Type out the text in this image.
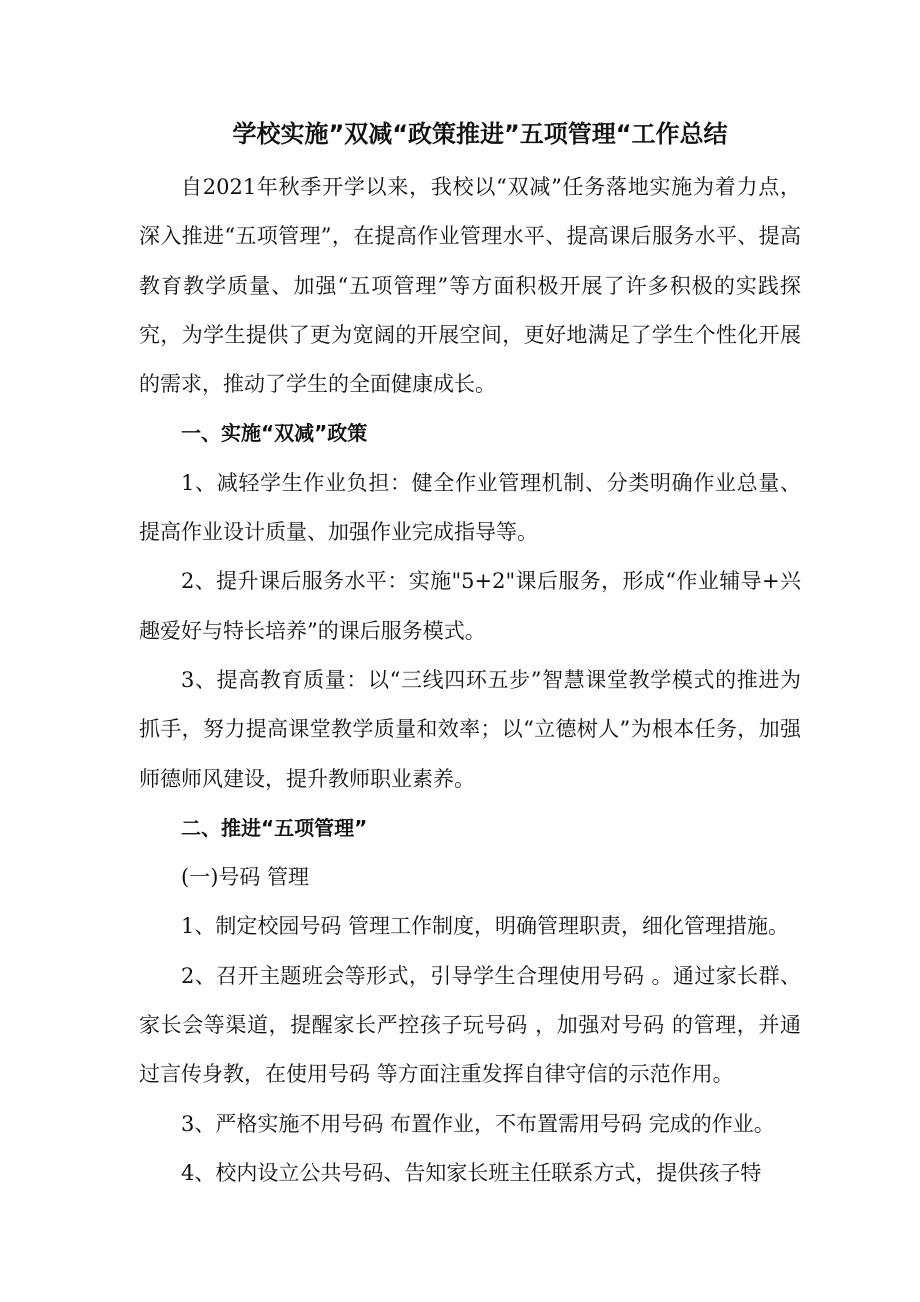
学校实施”双减“政策推进”五项管理“工作总结

自2021年秋季开学以来，我校以“双减”任务落地实施为着力点，深入推进“五项管理”，在提高作业管理水平、提高课后服务水平、提高教育教学质量、加强“五项管理”等方面积极开展了许多积极的实践探究，为学生提供了更为宽阔的开展空间，更好地满足了学生个性化开展的需求，推动了学生的全面健康成长。

一、实施“双减”政策

1、减轻学生作业负担：健全作业管理机制、分类明确作业总量、提高作业设计质量、加强作业完成指导等。

2、提升课后服务水平：实施"5+2"课后服务，形成“作业辅导+兴趣爱好与特长培养”的课后服务模式。

3、提高教育质量：以“三线四环五步”智慧课堂教学模式的推进为抓手，努力提高课堂教学质量和效率；以“立德树人”为根本任务，加强师德师风建设，提升教师职业素养。

二、推进“五项管理”

(一)号码 管理

1、制定校园号码 管理工作制度，明确管理职责，细化管理措施。

2、召开主题班会等形式，引导学生合理使用号码 。通过家长群、家长会等渠道，提醒家长严控孩子玩号码 ，加强对号码 的管理，并通过言传身教，在使用号码 等方面注重发挥自律守信的示范作用。

3、严格实施不用号码 布置作业，不布置需用号码 完成的作业。

4、校内设立公共号码、告知家长班主任联系方式，提供孩子特
